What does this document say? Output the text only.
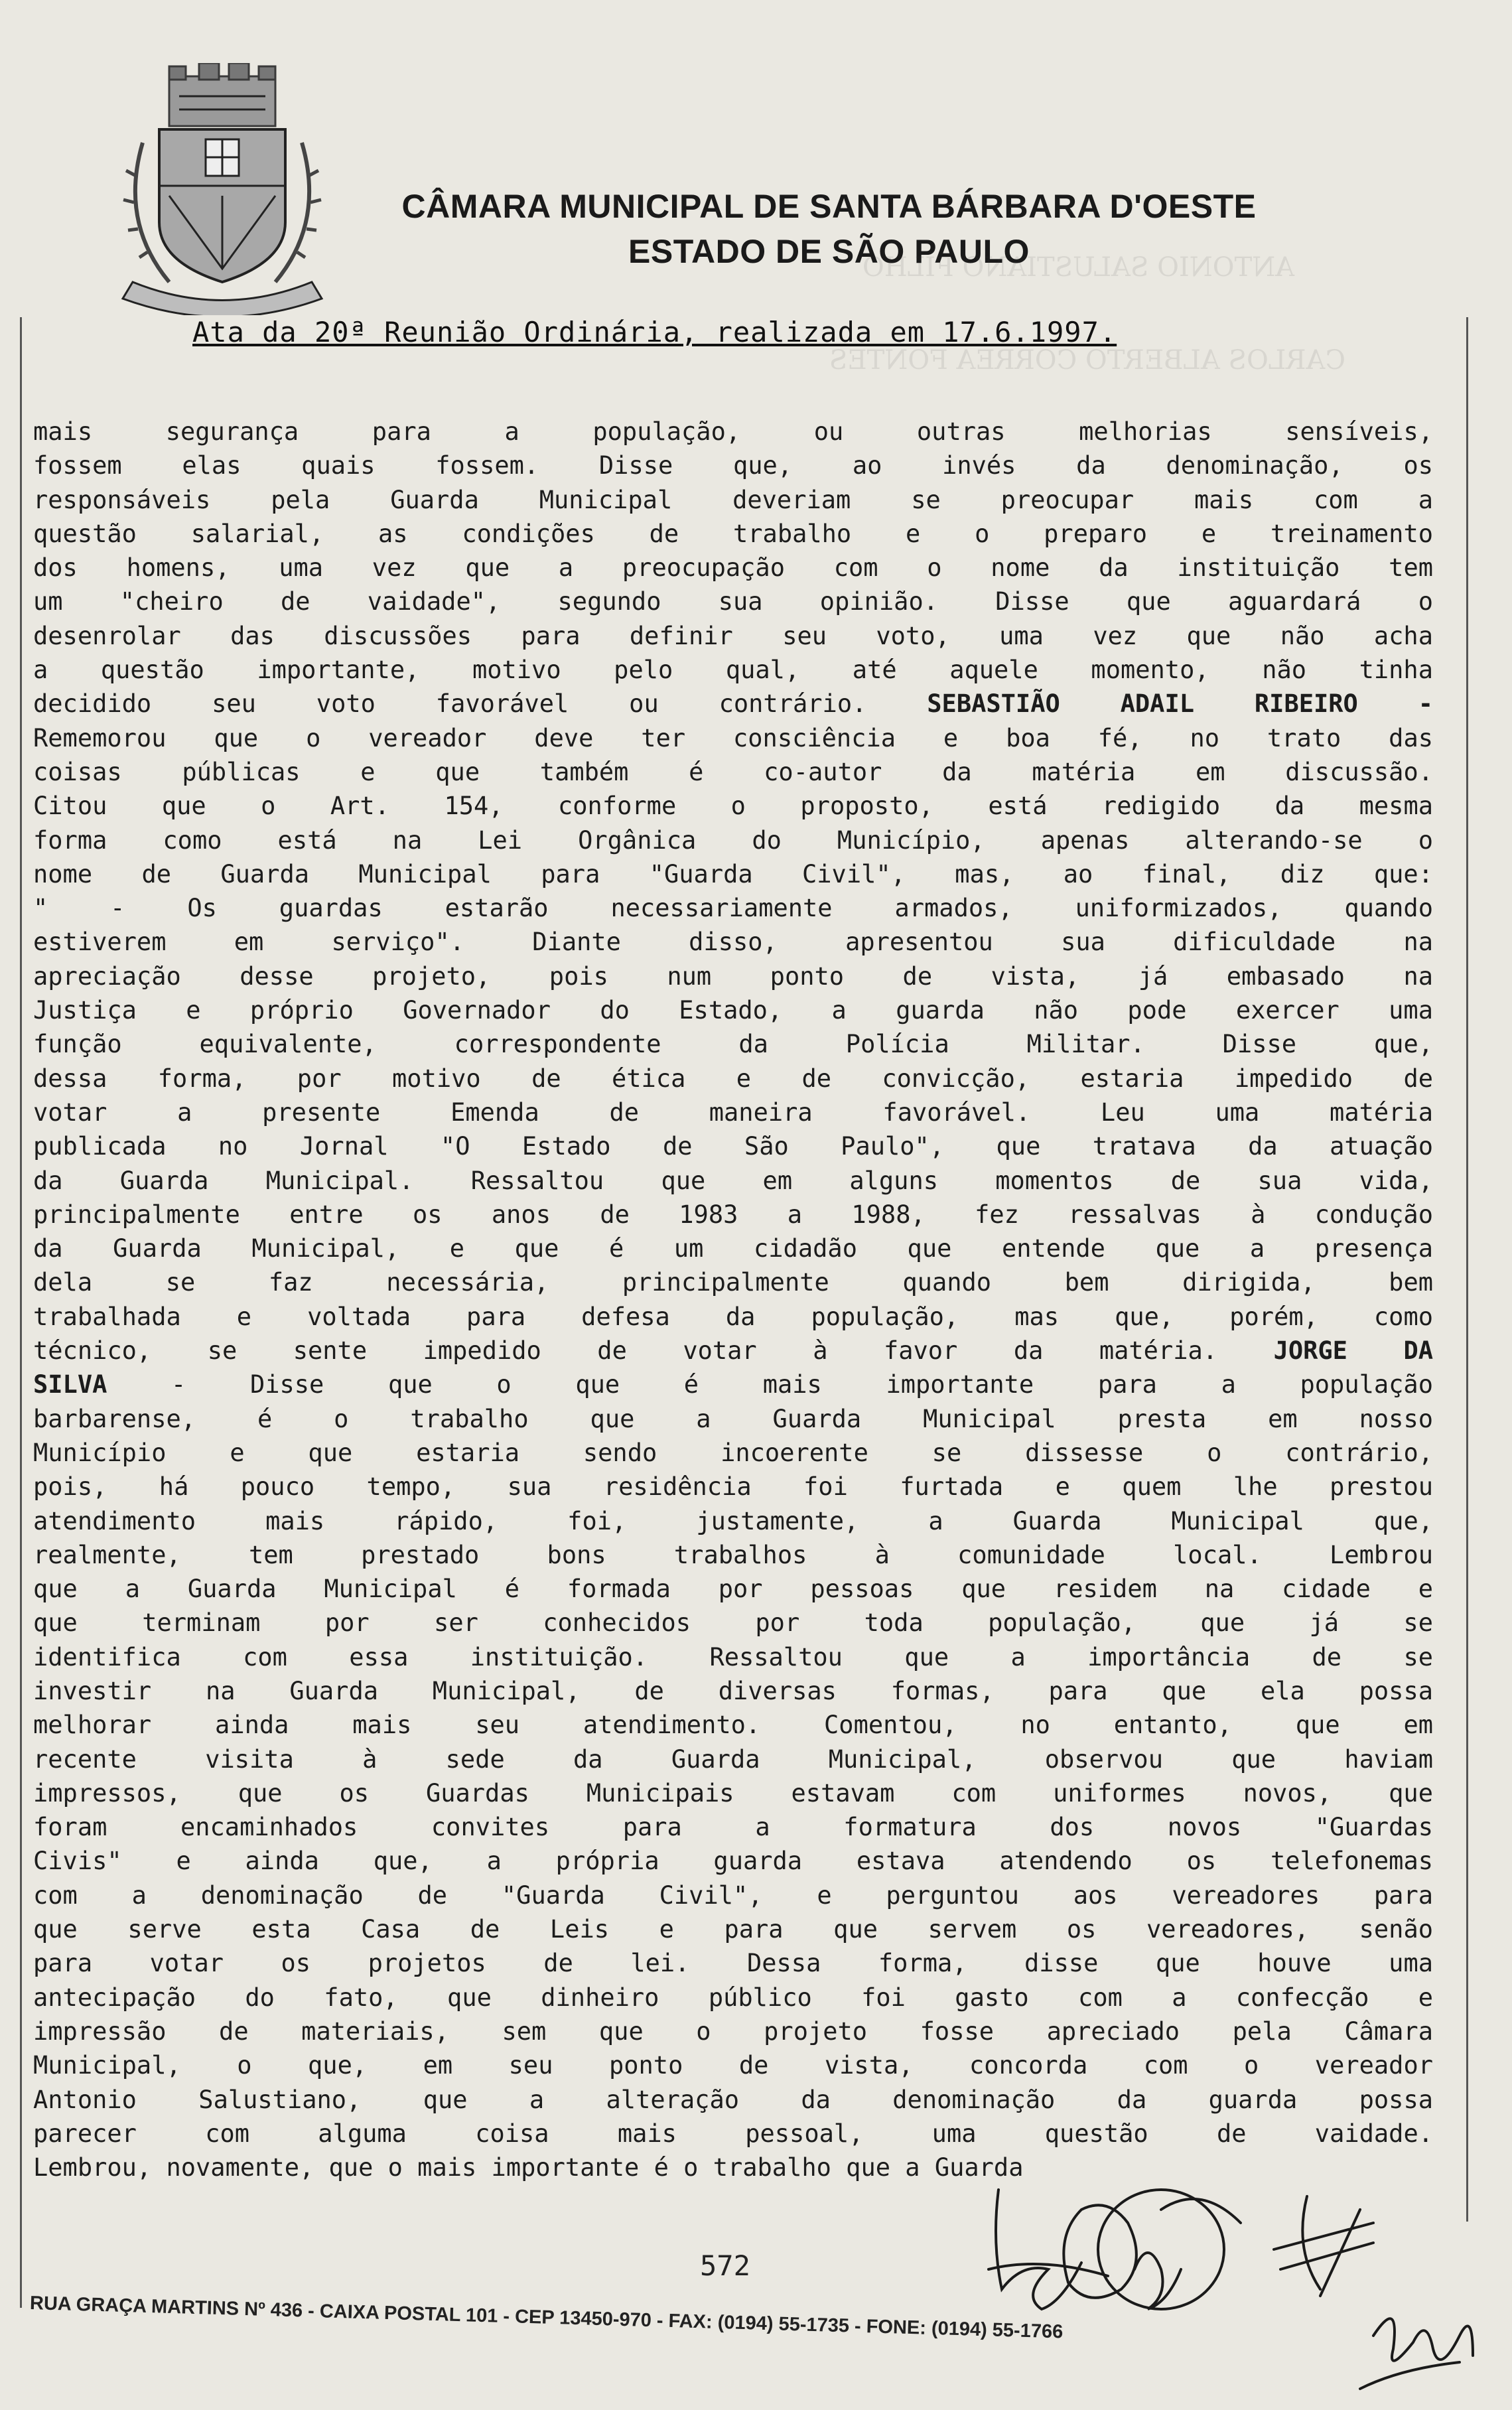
CÂMARA MUNICIPAL DE SANTA BÁRBARA D'OESTE
ESTADO DE SÃO PAULO
ANTONIO SALUSTIANO FILHO
CARLOS ALBERTO CORREA FONTES
Ata da 20ª Reunião Ordinária, realizada em 17.6.1997.
mais segurança para a população, ou outras melhorias sensíveis,
fossem elas quais fossem. Disse que, ao invés da denominação, os
responsáveis pela Guarda Municipal deveriam se preocupar mais com a
questão salarial, as condições de trabalho e o preparo e treinamento
dos homens, uma vez que a preocupação com o nome da instituição tem
um "cheiro de vaidade", segundo sua opinião. Disse que aguardará o
desenrolar das discussões para definir seu voto, uma vez que não acha
a questão importante, motivo pelo qual, até aquele momento, não tinha
decidido seu voto favorável ou contrário. SEBASTIÃO ADAIL RIBEIRO -
Rememorou que o vereador deve ter consciência e boa fé, no trato das
coisas públicas e que também é co-autor da matéria em discussão.
Citou que o Art. 154, conforme o proposto, está redigido da mesma
forma como está na Lei Orgânica do Município, apenas alterando-se o
nome de Guarda Municipal para "Guarda Civil", mas, ao final, diz que:
" - Os guardas estarão necessariamente armados, uniformizados, quando
estiverem em serviço". Diante disso, apresentou sua dificuldade na
apreciação desse projeto, pois num ponto de vista, já embasado na
Justiça e próprio Governador do Estado, a guarda não pode exercer uma
função equivalente, correspondente da Polícia Militar. Disse que,
dessa forma, por motivo de ética e de convicção, estaria impedido de
votar a presente Emenda de maneira favorável. Leu uma matéria
publicada no Jornal "O Estado de São Paulo", que tratava da atuação
da Guarda Municipal. Ressaltou que em alguns momentos de sua vida,
principalmente entre os anos de 1983 a 1988, fez ressalvas à condução
da Guarda Municipal, e que é um cidadão que entende que a presença
dela se faz necessária, principalmente quando bem dirigida, bem
trabalhada e voltada para defesa da população, mas que, porém, como
técnico, se sente impedido de votar à favor da matéria. JORGE DA
SILVA	- Disse que o que é mais importante para a população
barbarense, é o trabalho que a Guarda Municipal presta em nosso
Município e que estaria sendo incoerente se dissesse o contrário,
pois, há pouco tempo, sua residência foi furtada e quem lhe prestou
atendimento mais rápido, foi, justamente, a Guarda Municipal que,
realmente, tem prestado bons trabalhos à comunidade local. Lembrou
que a Guarda Municipal é formada por pessoas que residem na cidade e
que terminam por ser conhecidos por toda população, que já se
identifica com essa instituição. Ressaltou que a importância de se
investir na Guarda Municipal, de diversas formas, para que ela possa
melhorar ainda mais seu atendimento. Comentou, no entanto, que em
recente visita à sede da Guarda Municipal, observou que haviam
impressos, que os Guardas Municipais estavam com uniformes novos, que
foram encaminhados convites para a formatura dos novos "Guardas
Civis" e ainda que, a própria guarda estava atendendo os telefonemas
com a denominação de "Guarda Civil", e perguntou aos vereadores para
que serve esta Casa de Leis e para que servem os vereadores, senão
para votar os projetos de lei. Dessa forma, disse que houve uma
antecipação do fato, que dinheiro público foi gasto com a confecção e
impressão de materiais, sem que o projeto fosse apreciado pela Câmara
Municipal, o que, em seu ponto de vista, concorda com o vereador
Antonio Salustiano, que a alteração da denominação da guarda possa
parecer com alguma coisa mais pessoal, uma questão de vaidade.
Lembrou, novamente, que o mais importante é o trabalho que a Guarda
572
RUA GRAÇA MARTINS Nº 436 - CAIXA POSTAL 101 - CEP 13450-970 - FAX: (0194) 55-1735 - FONE: (0194) 55-1766
